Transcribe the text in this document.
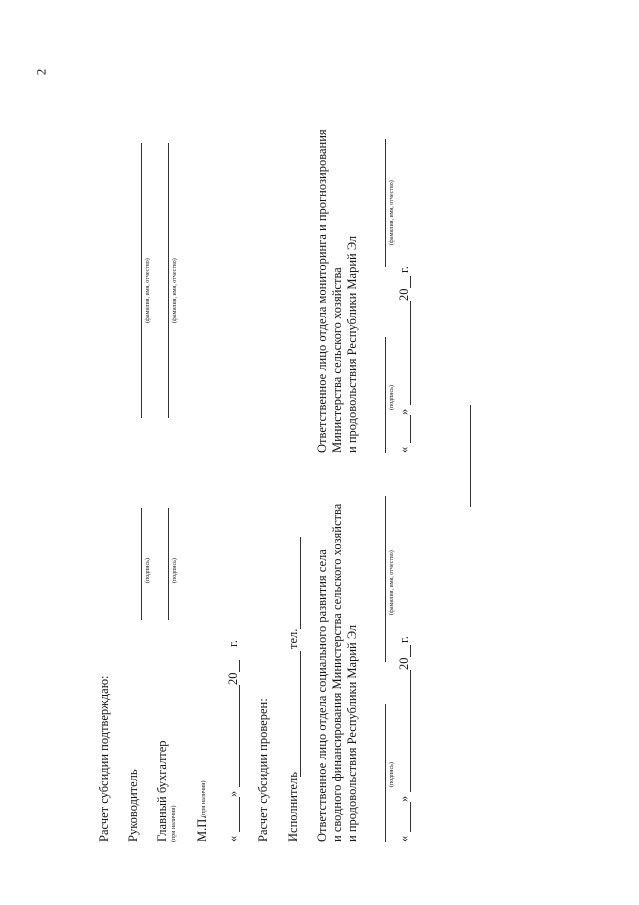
2
Расчет субсидии подтверждаю: Руководитель
(подпись)
(фамилия, имя, отчество)
Главный бухгалтер (при наличии)
(подпись)
(фамилия, имя, отчество)
М.П.
(при наличии)
«
»
20
г.
Расчет субсидии проверен: Исполнитель
тел. Ответственное лицо отдела социального развития села и сводного финансирования Министерства сельского хозяйства и продовольствия Республики Марий Эл	(подпись)
(фамилия, имя, отчество)
«
»
20
г.
Ответственное лицо отдела мониторинга и прогнозирования Министерства сельского хозяйства и продовольствия Республики Марий Эл	(подпись)
(фамилия, имя, отчество)
«
»
20
г.
